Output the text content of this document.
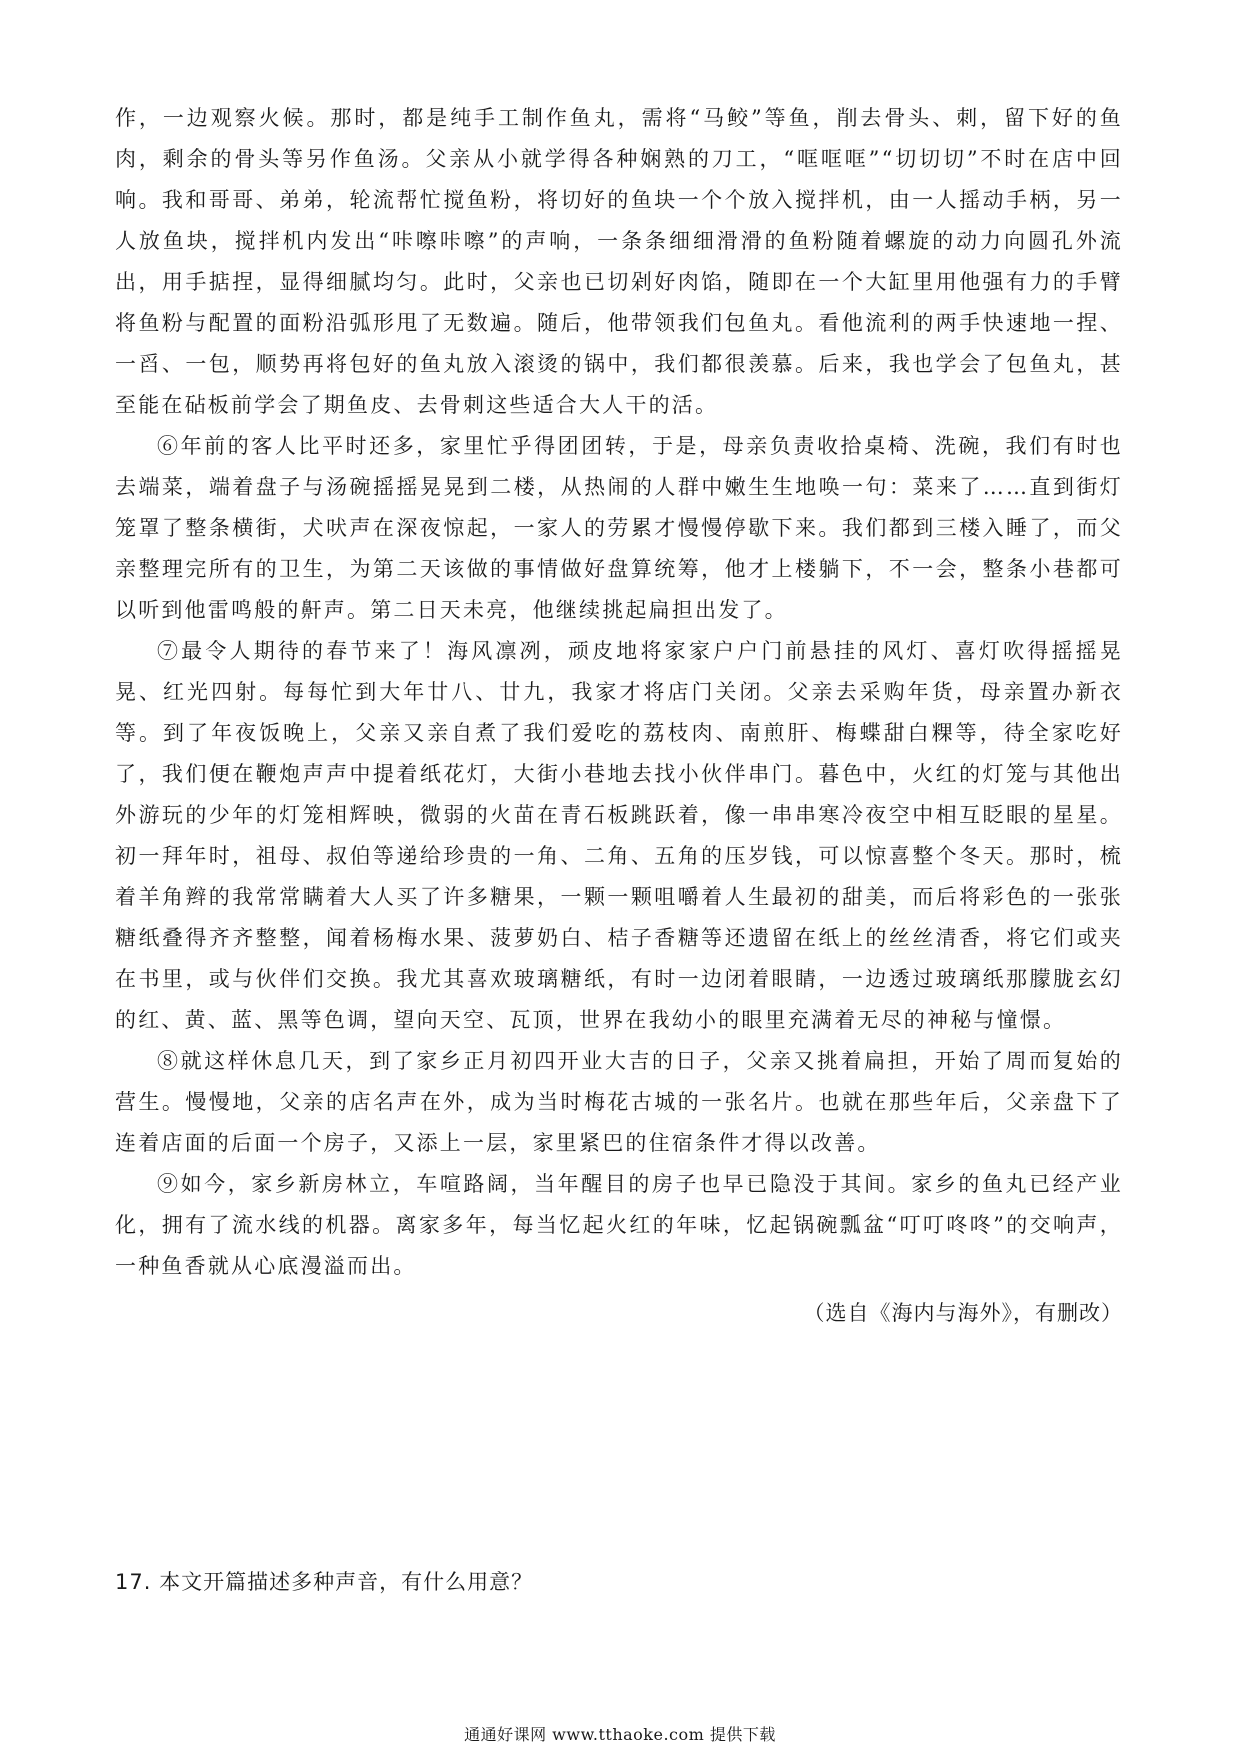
作，一边观察火候。那时，都是纯手工制作鱼丸，需将“马鲛”等鱼，削去骨头、刺，留下好的鱼肉，剩余的骨头等另作鱼汤。父亲从小就学得各种娴熟的刀工，“哐哐哐”“切切切”不时在店中回响。我和哥哥、弟弟，轮流帮忙搅鱼粉，将切好的鱼块一个个放入搅拌机，由一人摇动手柄，另一人放鱼块，搅拌机内发出“咔嚓咔嚓”的声响，一条条细细滑滑的鱼粉随着螺旋的动力向圆孔外流出，用手掂捏，显得细腻均匀。此时，父亲也已切剁好肉馅，随即在一个大缸里用他强有力的手臂将鱼粉与配置的面粉沿弧形甩了无数遍。随后，他带领我们包鱼丸。看他流利的两手快速地一捏、一舀、一包，顺势再将包好的鱼丸放入滚烫的锅中，我们都很羡慕。后来，我也学会了包鱼丸，甚至能在砧板前学会了期鱼皮、去骨刺这些适合大人干的活。

⑥年前的客人比平时还多，家里忙乎得团团转，于是，母亲负责收拾桌椅、洗碗，我们有时也去端菜，端着盘子与汤碗摇摇晃晃到二楼，从热闹的人群中嫩生生地唤一句：菜来了……直到街灯笼罩了整条横街，犬吠声在深夜惊起，一家人的劳累才慢慢停歇下来。我们都到三楼入睡了，而父亲整理完所有的卫生，为第二天该做的事情做好盘算统筹，他才上楼躺下，不一会，整条小巷都可以听到他雷鸣般的鼾声。第二日天未亮，他继续挑起扁担出发了。

⑦最令人期待的春节来了！海风凛冽，顽皮地将家家户户门前悬挂的风灯、喜灯吹得摇摇晃晃、红光四射。每每忙到大年廿八、廿九，我家才将店门关闭。父亲去采购年货，母亲置办新衣等。到了年夜饭晚上，父亲又亲自煮了我们爱吃的荔枝肉、南煎肝、梅蝶甜白粿等，待全家吃好了，我们便在鞭炮声声中提着纸花灯，大街小巷地去找小伙伴串门。暮色中，火红的灯笼与其他出外游玩的少年的灯笼相辉映，微弱的火苗在青石板跳跃着，像一串串寒冷夜空中相互眨眼的星星。初一拜年时，祖母、叔伯等递给珍贵的一角、二角、五角的压岁钱，可以惊喜整个冬天。那时，梳着羊角辫的我常常瞒着大人买了许多糖果，一颗一颗咀嚼着人生最初的甜美，而后将彩色的一张张糖纸叠得齐齐整整，闻着杨梅水果、菠萝奶白、桔子香糖等还遗留在纸上的丝丝清香，将它们或夹在书里，或与伙伴们交换。我尤其喜欢玻璃糖纸，有时一边闭着眼睛，一边透过玻璃纸那朦胧玄幻的红、黄、蓝、黑等色调，望向天空、瓦顶，世界在我幼小的眼里充满着无尽的神秘与憧憬。

⑧就这样休息几天，到了家乡正月初四开业大吉的日子，父亲又挑着扁担，开始了周而复始的营生。慢慢地，父亲的店名声在外，成为当时梅花古城的一张名片。也就在那些年后，父亲盘下了连着店面的后面一个房子，又添上一层，家里紧巴的住宿条件才得以改善。

⑨如今，家乡新房林立，车喧路阔，当年醒目的房子也早已隐没于其间。家乡的鱼丸已经产业化，拥有了流水线的机器。离家多年，每当忆起火红的年味，忆起锅碗瓢盆“叮叮咚咚”的交响声，一种鱼香就从心底漫溢而出。

（选自《海内与海外》，有删改）

17. 本文开篇描述多种声音，有什么用意？

通通好课网 www.tthaoke.com 提供下载
